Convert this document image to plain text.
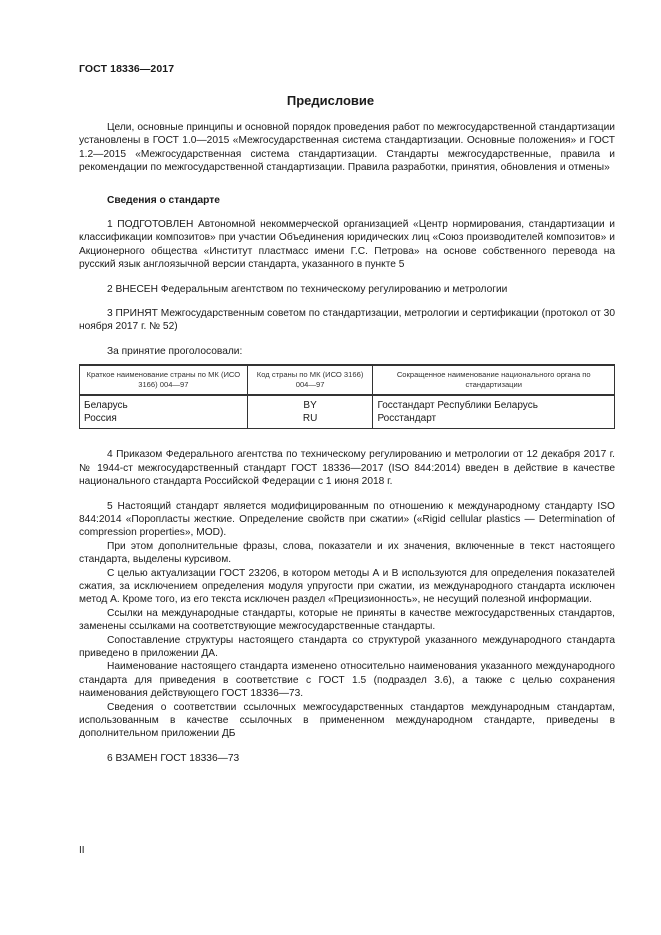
ГОСТ 18336—2017
Предисловие

Цели, основные принципы и основной порядок проведения работ по межгосударственной стандартизации установлены в ГОСТ 1.0—2015 «Межгосударственная система стандартизации. Основные положения» и ГОСТ 1.2—2015 «Межгосударственная система стандартизации. Стандарты межгосударственные, правила и рекомендации по межгосударственной стандартизации. Правила разработки, принятия, обновления и отмены»

Сведения о стандарте

1 ПОДГОТОВЛЕН Автономной некоммерческой организацией «Центр нормирования, стандартизации и классификации композитов» при участии Объединения юридических лиц «Союз производителей композитов» и Акционерного общества «Институт пластмасс имени Г.С. Петрова» на основе собственного перевода на русский язык англоязычной версии стандарта, указанного в пункте 5

2 ВНЕСЕН Федеральным агентством по техническому регулированию и метрологии

3 ПРИНЯТ Межгосударственным советом по стандартизации, метрологии и сертификации (протокол от 30 ноября 2017 г. № 52)

За принятие проголосовали:

Краткое наименование страны по МК (ИСО 3166) 004—97	Код страны по МК (ИСО 3166) 004—97	Сокращенное наименование национального органа по стандартизации
Беларусь	BY	Госстандарт Республики Беларусь
Россия	RU	Росстандарт

4 Приказом Федерального агентства по техническому регулированию и метрологии от 12 декабря 2017 г. № 1944-ст межгосударственный стандарт ГОСТ 18336—2017 (ISO 844:2014) введен в действие в качестве национального стандарта Российской Федерации с 1 июня 2018 г.

5 Настоящий стандарт является модифицированным по отношению к международному стандарту ISO 844:2014 «Поропласты жесткие. Определение свойств при сжатии» («Rigid cellular plastics — Determination of compression properties», MOD).

При этом дополнительные фразы, слова, показатели и их значения, включенные в текст настоящего стандарта, выделены курсивом.

С целью актуализации ГОСТ 23206, в котором методы А и В используются для определения показателей сжатия, за исключением определения модуля упругости при сжатии, из международного стандарта исключен метод А. Кроме того, из его текста исключен раздел «Прецизионность», не несущий полезной информации.

Ссылки на международные стандарты, которые не приняты в качестве межгосударственных стандартов, заменены ссылками на соответствующие межгосударственные стандарты.

Сопоставление структуры настоящего стандарта со структурой указанного международного стандарта приведено в приложении ДА.

Наименование настоящего стандарта изменено относительно наименования указанного международного стандарта для приведения в соответствие с ГОСТ 1.5 (подраздел 3.6), а также с целью сохранения наименования действующего ГОСТ 18336—73.

Сведения о соответствии ссылочных межгосударственных стандартов международным стандартам, использованным в качестве ссылочных в примененном международном стандарте, приведены в дополнительном приложении ДБ

6 ВЗАМЕН ГОСТ 18336—73

II
